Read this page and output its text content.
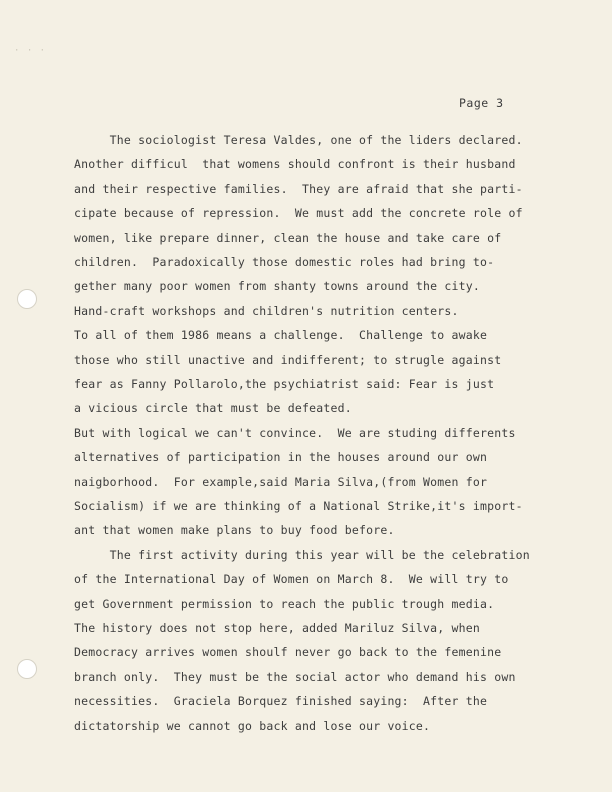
· · ·
Page 3
The sociologist Teresa Valdes, one of the liders declared.
Another difficul  that womens should confront is their husband
and their respective families.  They are afraid that she parti-
cipate because of repression.  We must add the concrete role of
women, like prepare dinner, clean the house and take care of
children.  Paradoxically those domestic roles had bring to-
gether many poor women from shanty towns around the city.
Hand-craft workshops and children's nutrition centers.
To all of them 1986 means a challenge.  Challenge to awake
those who still unactive and indifferent; to strugle against
fear as Fanny Pollarolo,the psychiatrist said: Fear is just
a vicious circle that must be defeated.
But with logical we can't convince.  We are studing differents
alternatives of participation in the houses around our own
naigborhood.  For example,said Maria Silva,(from Women for
Socialism) if we are thinking of a National Strike,it's import-
ant that women make plans to buy food before.
The first activity during this year will be the celebration
of the International Day of Women on March 8.  We will try to
get Government permission to reach the public trough media.
The history does not stop here, added Mariluz Silva, when
Democracy arrives women shoulf never go back to the femenine
branch only.  They must be the social actor who demand his own
necessities.  Graciela Borquez finished saying:  After the
dictatorship we cannot go back and lose our voice.
